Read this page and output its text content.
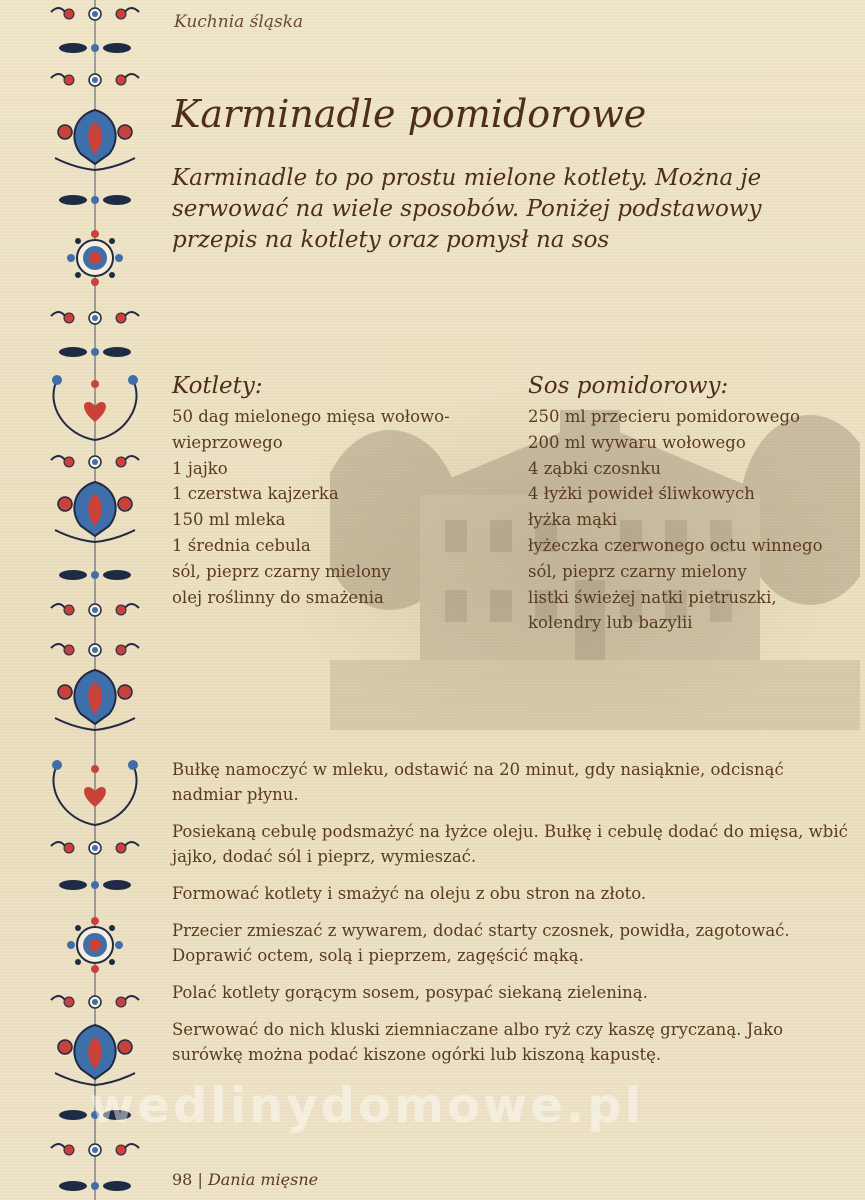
Kuchnia śląska
Karminadle pomidorowe

Karminadle to po prostu mielone kotlety. Można je serwować na wiele sposobów. Poniżej podstawowy przepis na kotlety oraz pomysł na sos

Kotlety:
50 dag mielonego mięsa wołowo-
wieprzowego
1 jajko
1 czerstwa kajzerka
150 ml mleka
1 średnia cebula
sól, pieprz czarny mielony
olej roślinny do smażenia
Sos pomidorowy:
250 ml przecieru pomidorowego
200 ml wywaru wołowego
4 ząbki czosnku
4 łyżki powideł śliwkowych
łyżka mąki
łyżeczka czerwonego octu winnego
sól, pieprz czarny mielony
listki świeżej natki pietruszki,
kolendry lub bazylii

Bułkę namoczyć w mleku, odstawić na 20 minut, gdy nasiąknie, odcisnąć nadmiar płynu.

Posiekaną cebulę podsmażyć na łyżce oleju. Bułkę i cebulę dodać do mięsa, wbić jajko, dodać sól i pieprz, wymieszać.

Formować kotlety i smażyć na oleju z obu stron na złoto.

Przecier zmieszać z wywarem, dodać starty czosnek, powidła, zagotować. Doprawić octem, solą i pieprzem, zagęścić mąką.

Polać kotlety gorącym sosem, posypać siekaną zieleniną.

Serwować do nich kluski ziemniaczane albo ryż czy kaszę gryczaną. Jako surówkę można podać kiszone ogórki lub kiszoną kapustę.

wedlinydomowe.pl
98 | Dania mięsne
